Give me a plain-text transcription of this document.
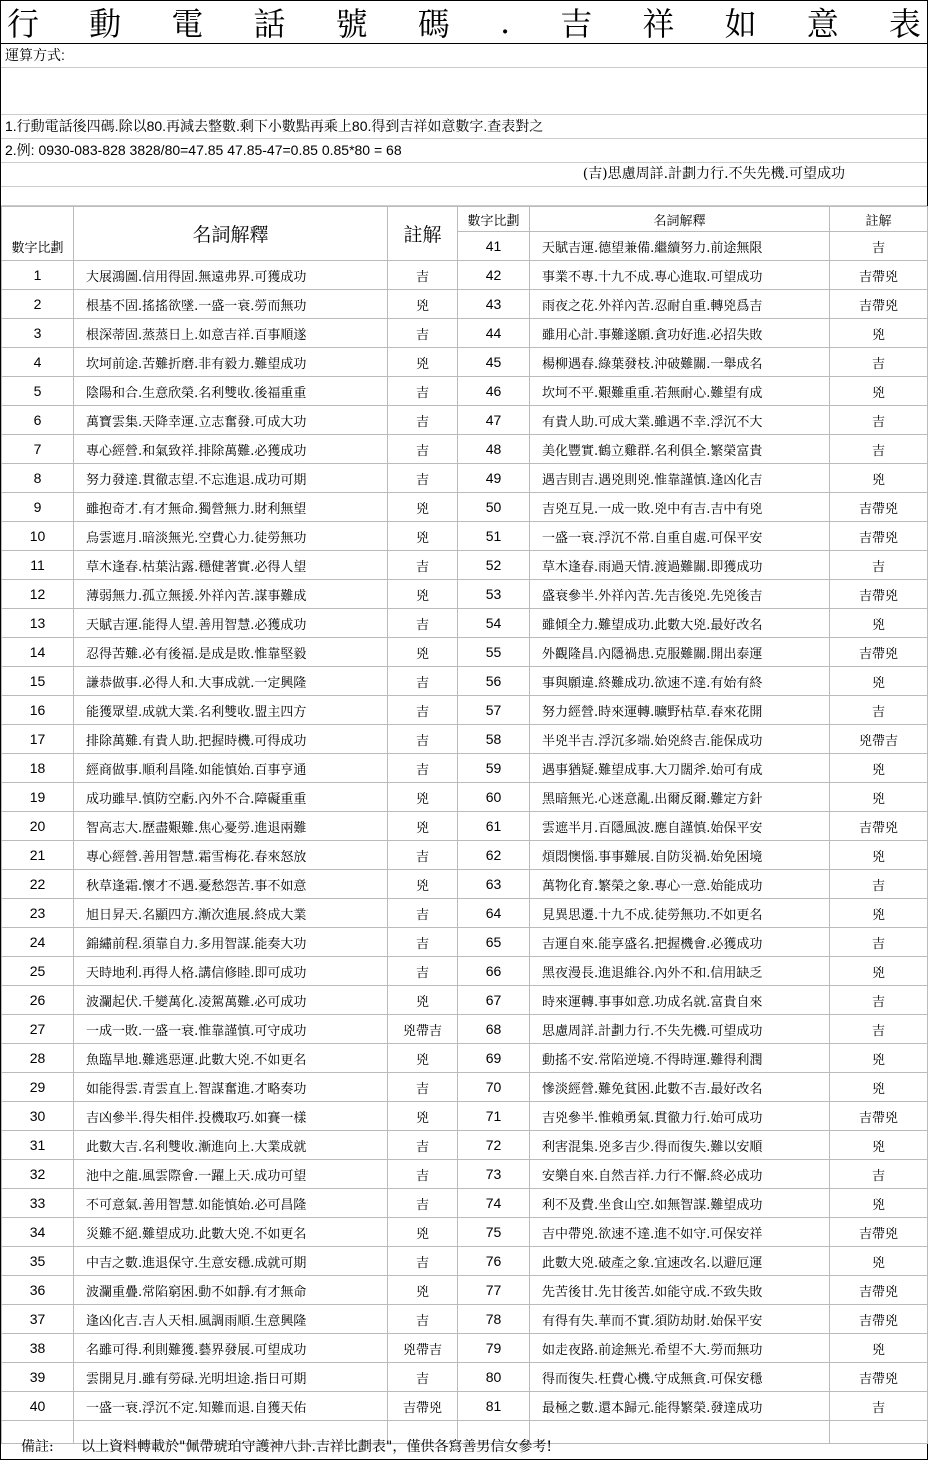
行 動 電 話 號 碼 . 吉 祥 如 意 表
運算方式:
1.行動電話後四碼.除以80.再減去整數.剩下小數點再乘上80.得到吉祥如意數字.查表對之
2.例: 0930-083-828 3828/80=47.85 47.85-47=0.85 0.85*80 = 68
(吉)思慮周詳.計劃力行.不失先機.可望成功
數字比劃	名詞解釋	註解	數字比劃	名詞解釋	註解
			41	天賦吉運.德望兼備.繼續努力.前途無限	吉
1	大展鴻圖.信用得固.無遠弗界.可獲成功	吉	42	事業不專.十九不成.專心進取.可望成功	吉帶兇
2	根基不固.搖搖欲墜.一盛一衰.勞而無功	兇	43	雨夜之花.外祥內苦.忍耐自重.轉兇爲吉	吉帶兇
3	根深蒂固.蒸蒸日上.如意吉祥.百事順遂	吉	44	雖用心計.事難遂願.貪功好進.必招失敗	兇
4	坎坷前途.苦難折磨.非有毅力.難望成功	兇	45	楊柳遇春.綠葉發枝.沖破難關.一舉成名	吉
5	陰陽和合.生意欣榮.名利雙收.後福重重	吉	46	坎坷不平.艱難重重.若無耐心.難望有成	兇
6	萬寶雲集.天降幸運.立志奮發.可成大功	吉	47	有貴人助.可成大業.雖遇不幸.浮沉不大	吉
7	專心經營.和氣致祥.排除萬難.必獲成功	吉	48	美化豐實.鶴立雞群.名利俱全.繁榮富貴	吉
8	努力發達.貫徹志望.不忘進退.成功可期	吉	49	遇吉則吉.遇兇則兇.惟靠謹慎.逢凶化吉	兇
9	雖抱奇才.有才無命.獨營無力.財利無望	兇	50	吉兇互見.一成一敗.兇中有吉.吉中有兇	吉帶兇
10	烏雲遮月.暗淡無光.空費心力.徒勞無功	兇	51	一盛一衰.浮沉不常.自重自處.可保平安	吉帶兇
11	草木逢春.枯葉沾露.穩健著實.必得人望	吉	52	草木逢春.雨過天情.渡過難關.即獲成功	吉
12	薄弱無力.孤立無援.外祥內苦.謀事難成	兇	53	盛衰參半.外祥內苦.先吉後兇.先兇後吉	吉帶兇
13	天賦吉運.能得人望.善用智慧.必獲成功	吉	54	雖傾全力.難望成功.此數大兇.最好改名	兇
14	忍得苦難.必有後福.是成是敗.惟靠堅毅	兇	55	外觀隆昌.內隱禍患.克服難關.開出泰運	吉帶兇
15	謙恭做事.必得人和.大事成就.一定興隆	吉	56	事與願違.終難成功.欲速不達.有始有終	兇
16	能獲眾望.成就大業.名利雙收.盟主四方	吉	57	努力經營.時來運轉.曠野枯草.春來花開	吉
17	排除萬難.有貴人助.把握時機.可得成功	吉	58	半兇半吉.浮沉多端.始兇終吉.能保成功	兇帶吉
18	經商做事.順利昌隆.如能慎始.百事亨通	吉	59	遇事猶疑.難望成事.大刀闊斧.始可有成	兇
19	成功雖早.慎防空虧.內外不合.障礙重重	兇	60	黑暗無光.心迷意亂.出爾反爾.難定方針	兇
20	智高志大.歷盡艱難.焦心憂勞.進退兩難	兇	61	雲遮半月.百隱風波.應自謹慎.始保平安	吉帶兇
21	專心經營.善用智慧.霜雪梅花.春來怒放	吉	62	煩悶懊惱.事事難展.自防災禍.始免困境	兇
22	秋草逢霜.懷才不遇.憂愁怨苦.事不如意	兇	63	萬物化育.繁榮之象.專心一意.始能成功	吉
23	旭日昇天.名顯四方.漸次進展.終成大業	吉	64	見異思遷.十九不成.徒勞無功.不如更名	兇
24	錦繡前程.須靠自力.多用智謀.能奏大功	吉	65	吉運自來.能享盛名.把握機會.必獲成功	吉
25	天時地利.再得人格.講信修睦.即可成功	吉	66	黑夜漫長.進退維谷.內外不和.信用缺乏	兇
26	波瀾起伏.千變萬化.凌駕萬難.必可成功	兇	67	時來運轉.事事如意.功成名就.富貴自來	吉
27	一成一敗.一盛一衰.惟靠謹慎.可守成功	兇帶吉	68	思慮周詳.計劃力行.不失先機.可望成功	吉
28	魚臨旱地.難逃惡運.此數大兇.不如更名	兇	69	動搖不安.常陷逆境.不得時運.難得利潤	兇
29	如能得雲.青雲直上.智謀奮進.才略奏功	吉	70	慘淡經營.難免貧困.此數不吉.最好改名	兇
30	吉凶參半.得失相伴.投機取巧.如賽一樣	兇	71	吉兇參半.惟賴勇氣.貫徹力行.始可成功	吉帶兇
31	此數大吉.名利雙收.漸進向上.大業成就	吉	72	利害混集.兇多吉少.得而復失.難以安順	兇
32	池中之龍.風雲際會.一躍上天.成功可望	吉	73	安樂自來.自然吉祥.力行不懈.終必成功	吉
33	不可意氣.善用智慧.如能慎始.必可昌隆	吉	74	利不及費.坐食山空.如無智謀.難望成功	兇
34	災難不絕.難望成功.此數大兇.不如更名	兇	75	吉中帶兇.欲速不達.進不如守.可保安祥	吉帶兇
35	中吉之數.進退保守.生意安穩.成就可期	吉	76	此數大兇.破產之象.宜速改名.以避厄運	兇
36	波瀾重疊.常陷窮困.動不如靜.有才無命	兇	77	先苦後甘.先甘後苦.如能守成.不致失敗	吉帶兇
37	逢凶化吉.吉人天相.風調雨順.生意興隆	吉	78	有得有失.華而不實.須防劫財.始保平安	吉帶兇
38	名雖可得.利則難獲.藝界發展.可望成功	兇帶吉	79	如走夜路.前途無光.希望不大.勞而無功	兇
39	雲開見月.雖有勞碌.光明坦途.指日可期	吉	80	得而復失.枉費心機.守成無貪.可保安穩	吉帶兇
40	一盛一衰.浮沉不定.知難而退.自獲天佑	吉帶兇	81	最極之數.還本歸元.能得繁榮.發達成功	吉

備註: 以上資料轉載於"佩帶琥珀守護神八卦.吉祥比劃表"，僅供各寫善男信女參考!
